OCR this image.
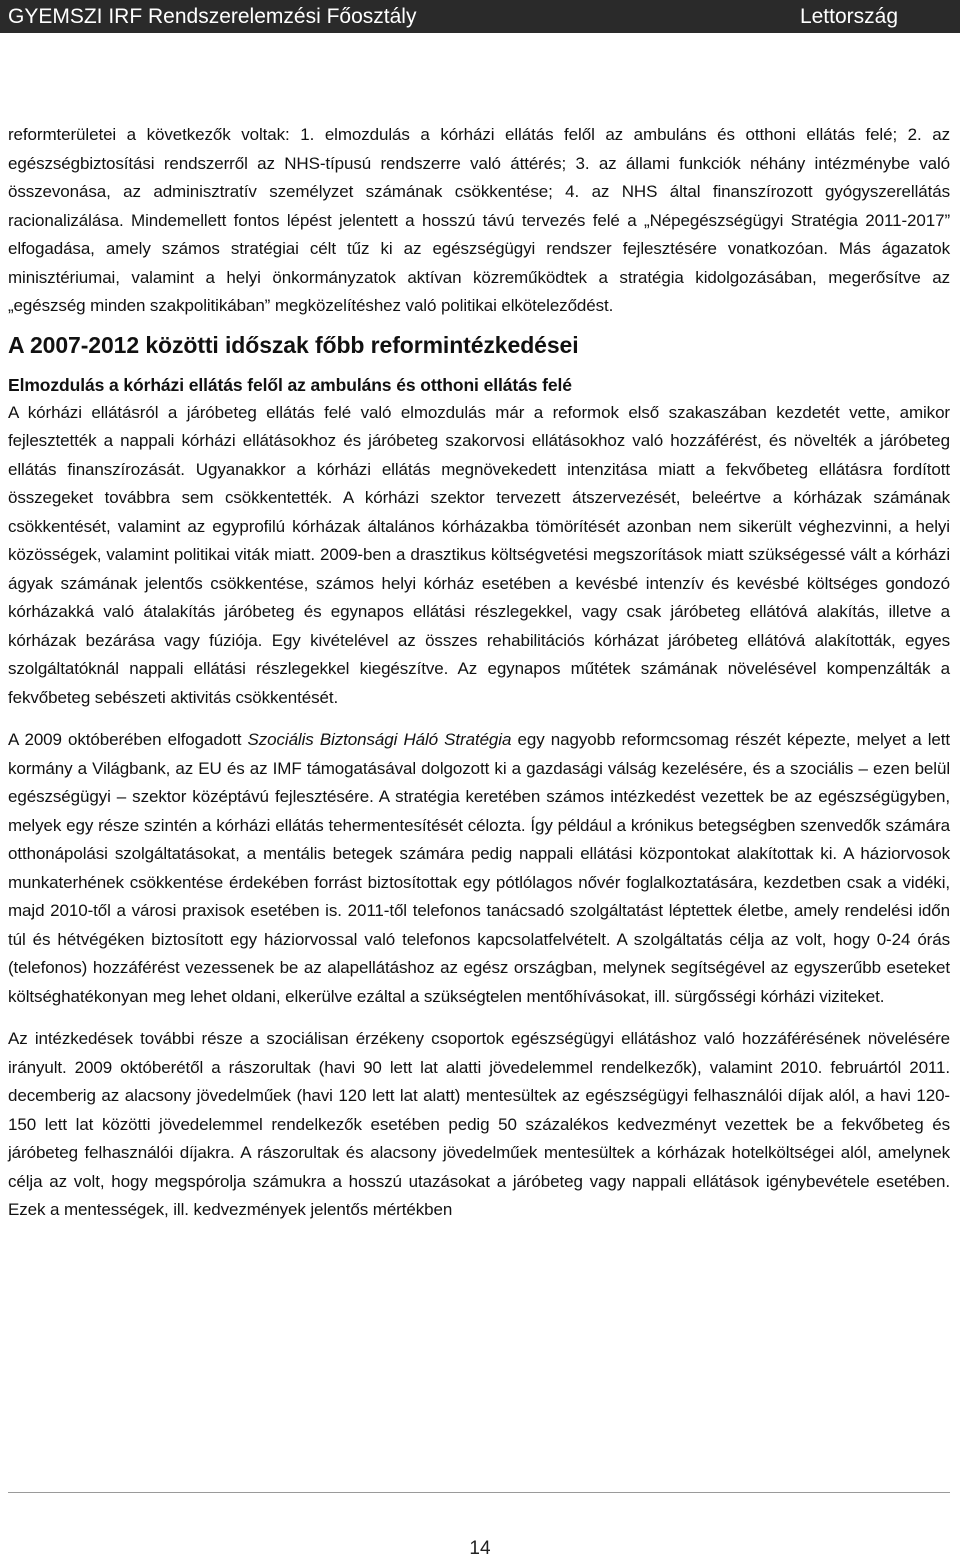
GYEMSZI IRF Rendszerelemzési Főosztály	Lettország

reformterületei a következők voltak: 1. elmozdulás a kórházi ellátás felől az ambuláns és otthoni ellátás felé; 2. az egészségbiztosítási rendszerről az NHS-típusú rendszerre való áttérés; 3. az állami funkciók néhány intézménybe való összevonása, az adminisztratív személyzet számának csökkentése; 4. az NHS által finanszírozott gyógyszerellátás racionalizálása. Mindemellett fontos lépést jelentett a hosszú távú tervezés felé a „Népegészségügyi Stratégia 2011-2017” elfogadása, amely számos stratégiai célt tűz ki az egészségügyi rendszer fejlesztésére vonatkozóan. Más ágazatok minisztériumai, valamint a helyi önkormányzatok aktívan közreműködtek a stratégia kidolgozásában, megerősítve az „egészség minden szakpolitikában” megközelítéshez való politikai elköteleződést.

A 2007-2012 közötti időszak főbb reformintézkedései

Elmozdulás a kórházi ellátás felől az ambuláns és otthoni ellátás felé

A kórházi ellátásról a járóbeteg ellátás felé való elmozdulás már a reformok első szakaszában kezdetét vette, amikor fejlesztették a nappali kórházi ellátásokhoz és járóbeteg szakorvosi ellátásokhoz való hozzáférést, és növelték a járóbeteg ellátás finanszírozását. Ugyanakkor a kórházi ellátás megnövekedett intenzitása miatt a fekvőbeteg ellátásra fordított összegeket továbbra sem csökkentették. A kórházi szektor tervezett átszervezését, beleértve a kórházak számának csökkentését, valamint az egyprofilú kórházak általános kórházakba tömörítését azonban nem sikerült véghezvinni, a helyi közösségek, valamint politikai viták miatt. 2009-ben a drasztikus költségvetési megszorítások miatt szükségessé vált a kórházi ágyak számának jelentős csökkentése, számos helyi kórház esetében a kevésbé intenzív és kevésbé költséges gondozó kórházakká való átalakítás járóbeteg és egynapos ellátási részlegekkel, vagy csak járóbeteg ellátóvá alakítás, illetve a kórházak bezárása vagy fúziója. Egy kivételével az összes rehabilitációs kórházat járóbeteg ellátóvá alakították, egyes szolgáltatóknál nappali ellátási részlegekkel kiegészítve. Az egynapos műtétek számának növelésével kompenzálták a fekvőbeteg sebészeti aktivitás csökkentését.

A 2009 októberében elfogadott Szociális Biztonsági Háló Stratégia egy nagyobb reformcsomag részét képezte, melyet a lett kormány a Világbank, az EU és az IMF támogatásával dolgozott ki a gazdasági válság kezelésére, és a szociális – ezen belül egészségügyi – szektor középtávú fejlesztésére. A stratégia keretében számos intézkedést vezettek be az egészségügyben, melyek egy része szintén a kórházi ellátás tehermentesítését célozta. Így például a krónikus betegségben szenvedők számára otthonápolási szolgáltatásokat, a mentális betegek számára pedig nappali ellátási központokat alakítottak ki. A háziorvosok munkaterhének csökkentése érdekében forrást biztosítottak egy pótlólagos nővér foglalkoztatására, kezdetben csak a vidéki, majd 2010-től a városi praxisok esetében is. 2011-től telefonos tanácsadó szolgáltatást léptettek életbe, amely rendelési időn túl és hétvégéken biztosított egy háziorvossal való telefonos kapcsolatfelvételt. A szolgáltatás célja az volt, hogy 0-24 órás (telefonos) hozzáférést vezessenek be az alapellátáshoz az egész országban, melynek segítségével az egyszerűbb eseteket költséghatékonyan meg lehet oldani, elkerülve ezáltal a szükségtelen mentőhívásokat, ill. sürgősségi kórházi viziteket.

Az intézkedések további része a szociálisan érzékeny csoportok egészségügyi ellátáshoz való hozzáférésének növelésére irányult. 2009 októberétől a rászorultak (havi 90 lett lat alatti jövedelemmel rendelkezők), valamint 2010. februártól 2011. decemberig az alacsony jövedelműek (havi 120 lett lat alatt) mentesültek az egészségügyi felhasználói díjak alól, a havi 120-150 lett lat közötti jövedelemmel rendelkezők esetében pedig 50 százalékos kedvezményt vezettek be a fekvőbeteg és járóbeteg felhasználói díjakra. A rászorultak és alacsony jövedelműek mentesültek a kórházak hotelköltségei alól, amelynek célja az volt, hogy megspórolja számukra a hosszú utazásokat a járóbeteg vagy nappali ellátások igénybevétele esetében. Ezek a mentességek, ill. kedvezmények jelentős mértékben

14
